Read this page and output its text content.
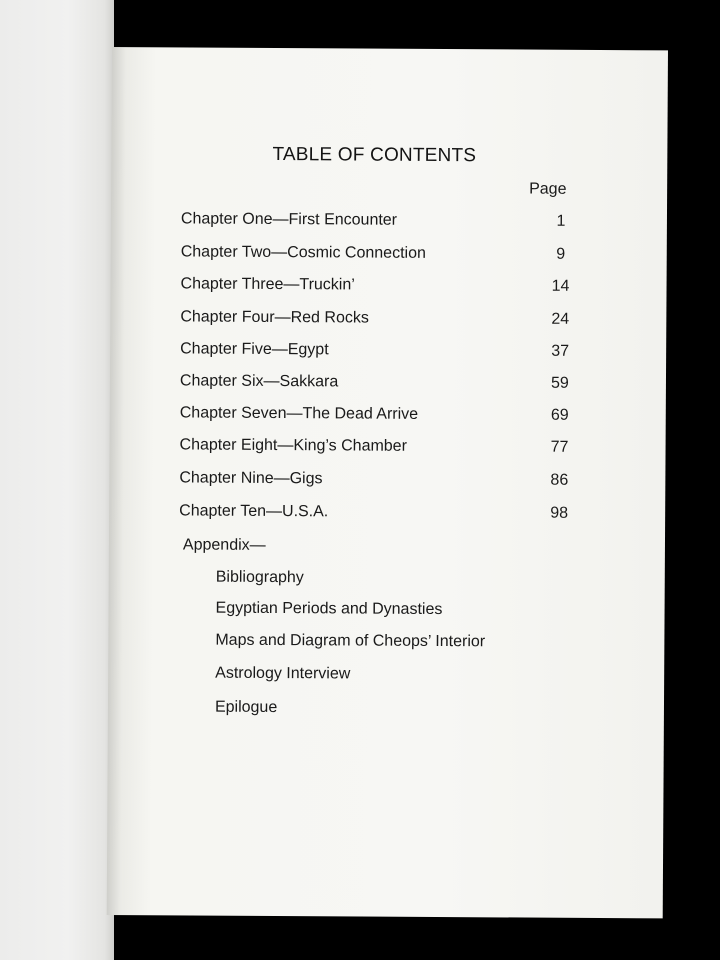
TABLE OF CONTENTS
Page
Chapter One—First Encounter	1
Chapter Two—Cosmic Connection	9
Chapter Three—Truckin’	14
Chapter Four—Red Rocks	24
Chapter Five—Egypt	37
Chapter Six—Sakkara	59
Chapter Seven—The Dead Arrive	69
Chapter Eight—King’s Chamber	77
Chapter Nine—Gigs	86
Chapter Ten—U.S.A.	98
Appendix—
Bibliography
Egyptian Periods and Dynasties
Maps and Diagram of Cheops’ Interior
Astrology Interview
Epilogue
